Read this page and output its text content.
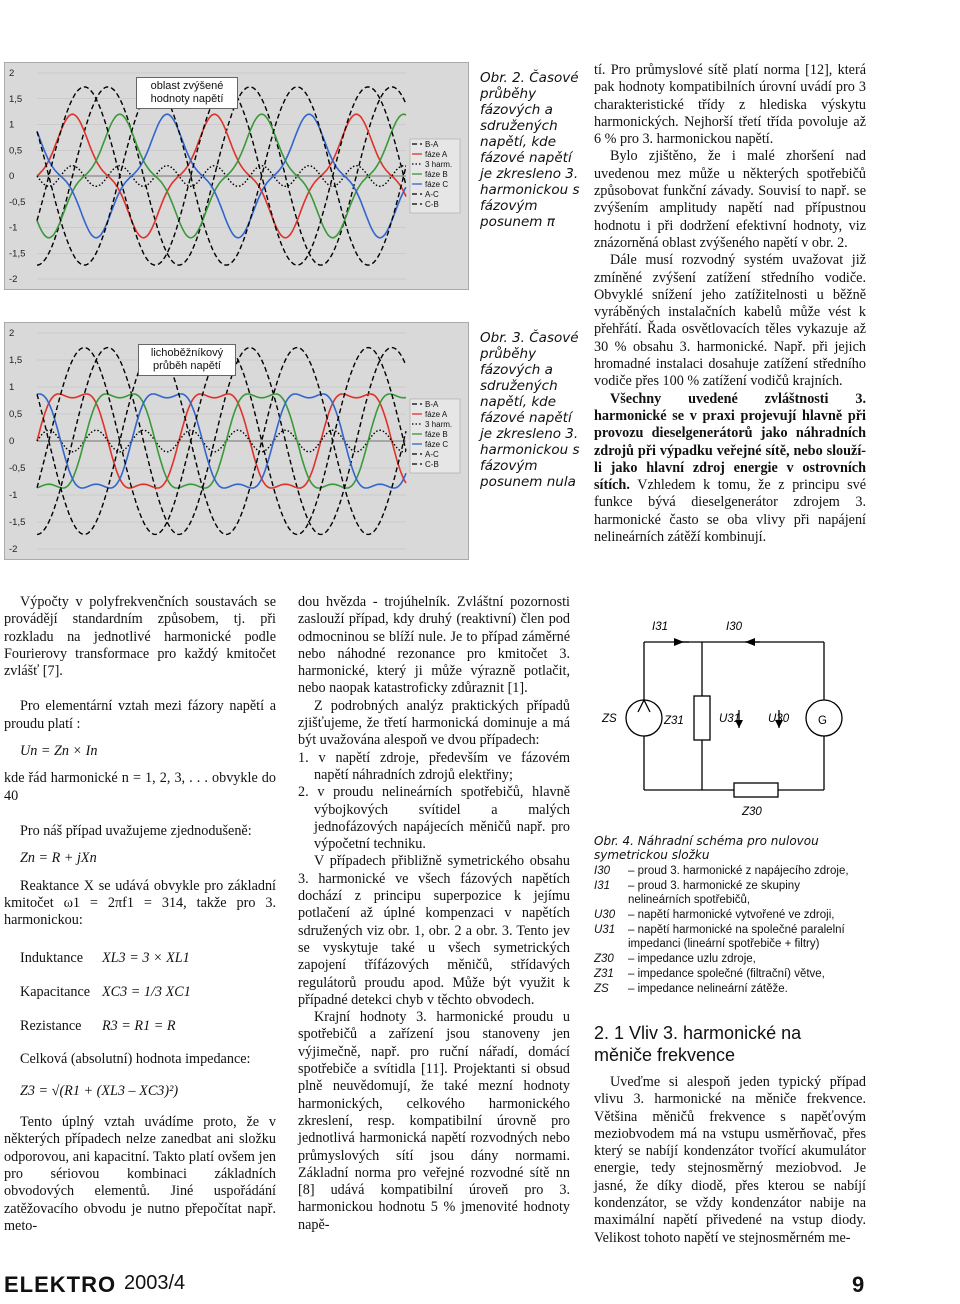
2
1,5
1
0,5
0
-0,5
-1
-1,5
-2
B-A
fáze A
3 harm.
fáze B
fáze C
A-C
C-B
oblast zvýšené hodnoty napětí
Obr. 2. Časové průběhy fázových a sdružených napětí, kde fázové napětí je zkresleno 3. harmonickou s fázovým posunem π
2
1,5
1
0,5
0
-0,5
-1
-1,5
-2
B-A
fáze A
3 harm.
fáze B
fáze C
A-C
C-B
lichoběžníkový průběh napětí
Obr. 3. Časové průběhy fázových a sdružených napětí, kde fázové napětí je zkresleno 3. harmonickou s fázovým posunem nula

Výpočty v polyfrekvenčních soustavách se provádějí standardním způsobem, tj. při rozkladu na jednotlivé harmonické podle Fourierovy transformace pro každý kmitočet zvlášť [7].

Pro elementární vztah mezi fázory napětí a proudu platí :

Un = Zn × In

kde řád harmonické n = 1, 2, 3, . . . obvykle do 40

Pro náš případ uvažujeme zjednodušeně:

Zn = R + jXn

Reaktance X se udává obvykle pro základní kmitočet ω1 = 2πf1 = 314, takže pro 3. harmonickou:

Induktance XL3 = 3 × XL1
Kapacitance XC3 = 1/3 XC1
Rezistance R3 = R1 = R

Celková (absolutní) hodnota impedance:

Z3 = √(R1 + (XL3 – XC3)²)

Tento úplný vztah uvádíme proto, že v některých případech nelze zanedbat ani složku odporovou, ani kapacitní. Takto platí ovšem jen pro sériovou kombinaci základních obvodových elementů. Jiné uspořádání zatěžovacího obvodu je nutno přepočítat např. meto-

dou hvězda - trojúhelník. Zvláštní pozornosti zaslouží případ, kdy druhý (reaktivní) člen pod odmocninou se blíží nule. Je to případ záměrné nebo náhodné rezonance pro kmitočet 3. harmonické, který ji může výrazně potlačit, nebo naopak katastroficky zdůraznit [1].

Z podrobných analýz praktických případů zjišťujeme, že třetí harmonická dominuje a má být uvažována alespoň ve dvou případech:

1. v napětí zdroje, především ve fázovém napětí náhradních zdrojů elektřiny;

2. v proudu nelineárních spotřebičů, hlavně výbojkových svítidel a malých jednofázových napájecích měničů např. pro výpočetní techniku.

V případech přibližně symetrického obsahu 3. harmonické ve všech fázových napětích dochází z principu superpozice k jejímu potlačení až úplné kompenzaci v napětích sdružených viz obr. 1, obr. 2 a obr. 3. Tento jev se vyskytuje také u všech symetrických zapojení třífázových měničů, střídavých regulátorů proudu apod. Může být využit k případné detekci chyb v těchto obvodech.

Krajní hodnoty 3. harmonické proudu u spotřebičů a zařízení jsou stanoveny jen výjimečně, např. pro ruční nářadí, domácí spotřebiče a svítidla [11]. Projektanti si obsud plně neuvědomují, že také mezní hodnoty harmonických, celkového harmonického zkreslení, resp. kompatibilní úrovně pro jednotlivá harmonická napětí rozvodných nebo průmyslových sítí jsou dány normami. Základní norma pro veřejné rozvodné sítě nn [8] udává kompatibilní úroveň pro 3. harmonickou hodnotu 5 % jmenovité hodnoty napě-

tí. Pro průmyslové sítě platí norma [12], která pak hodnoty kompatibilních úrovní uvádí pro 3 charakteristické třídy z hlediska výskytu harmonických. Nejhorší třetí třída povoluje až 6 % pro 3. harmonickou napětí.

Bylo zjištěno, že i malé zhoršení nad uvedenou mez může u některých spotřebičů způsobovat funkční závady. Souvisí to např. se zvýšením amplitudy napětí nad přípustnou hodnotu i při dodržení efektivní hodnoty, viz znázorněná oblast zvýšeného napětí v obr. 2.

Dále musí rozvodný systém uvažovat již zmíněné zvýšení zatížení středního vodiče. Obvyklé snížení jeho zatížitelnosti u běžně vyráběných instalačních kabelů může vést k přehřátí. Řada osvětlovacích těles vykazuje až 30 % obsahu 3. harmonické. Např. při jejich hromadné instalaci dosahuje zatížení středního vodiče přes 100 % zatížení vodičů krajních.

Všechny uvedené zvláštnosti 3. harmonické se v praxi projevují hlavně při provozu dieselgenerátorů jako náhradních zdrojů při výpadku veřejné sítě, nebo slouží-li jako hlavní zdroj energie v ostrovních sítích. Vzhledem k tomu, že z principu své funkce bývá dieselgenerátor zdrojem 3. harmonické často se oba vlivy při napájení nelineárních zátěží kombinují.

I31	I30
ZS	Z31	U31 U30	G
Z30
Obr. 4. Náhradní schéma pro nulovou symetrickou složku
I30	– proud 3. harmonické z napájecího zdroje,
I31	– proud 3. harmonické ze skupiny nelineárních spotřebičů,
U30	– napětí harmonické vytvořené ve zdroji,
U31	– napětí harmonické na společné paralelní impedanci (lineární spotřebiče + filtry)
Z30	– impedance uzlu zdroje,
Z31	– impedance společné (filtrační) větve,
ZS	– impedance nelineární zátěže.
2. 1 Vliv 3. harmonické na měniče frekvence

Uveďme si alespoň jeden typický případ vlivu 3. harmonické na měniče frekvence. Většina měničů frekvence s napěťovým meziobvodem má na vstupu usměrňovač, přes který se nabíjí kondenzátor tvořící akumulátor energie, tedy stejnosměrný meziobvod. Je jasné, že díky diodě, přes kterou se nabíjí kondenzátor, se vždy kondenzátor nabije na maximální napětí přivedené na vstup diody. Velikost tohoto napětí ve stejnosměrném me-

ELEKTRO 2003/4	9
